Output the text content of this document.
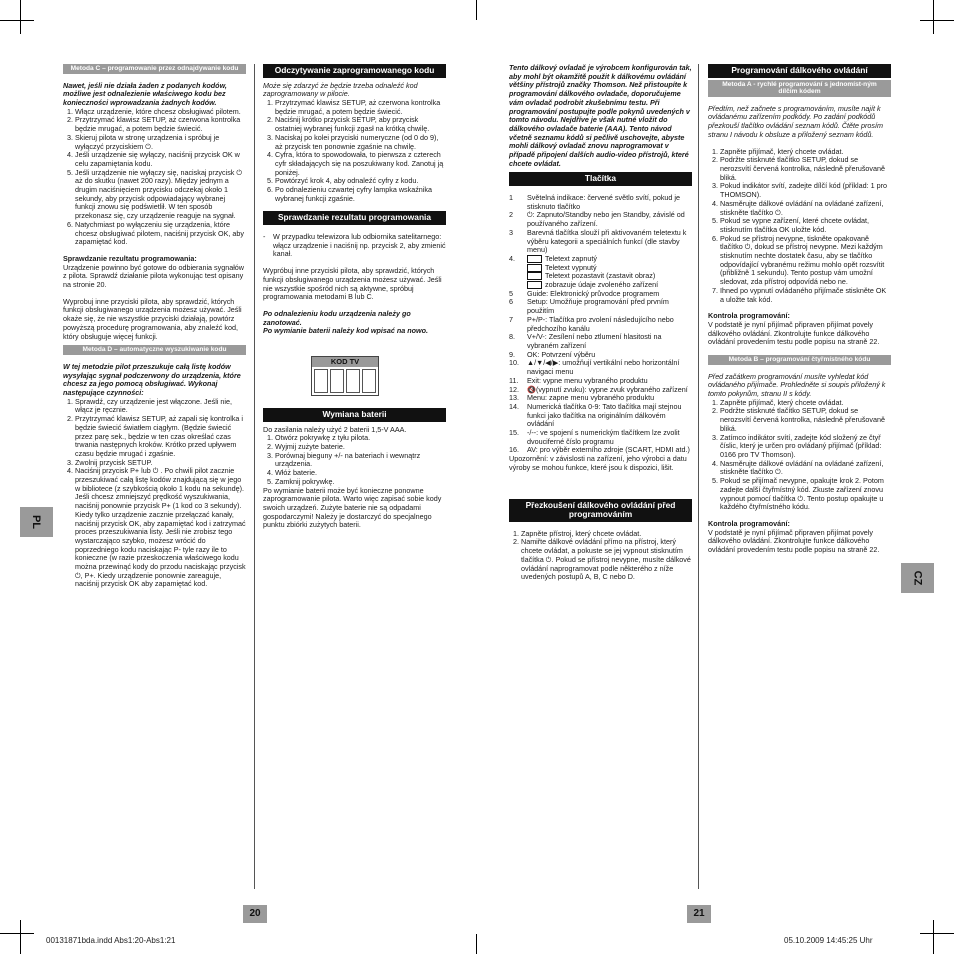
PL
CZ
20	21
00131871bda.indd Abs1:20-Abs1:21	05.10.2009 14:45:25 Uhr
Metoda C – programowanie przez odnajdywanie kodu

Nawet, jeśli nie działa żaden z podanych kodów, możliwe jest odnalezienie właściwego kodu bez konieczności wprowadzania żadnych kodów.

1. Włącz urządzenie, które chcesz obsługiwać pilotem.
2. Przytrzymać klawisz SETUP, aż czerwona kontrolka będzie mrugać, a potem będzie świecić.
3. Skieruj pilota w stronę urządzenia i spróbuj je wyłączyć przyciskiem ⏻.
4. Jeśli urządzenie się wyłączy, naciśnij przycisk OK w celu zapamiętania kodu.
5. Jeśli urządzenie nie wyłączy się, naciskaj przycisk ⏻ aż do skutku (nawet 200 razy). Między jednym a drugim naciśnięciem przycisku odczekaj około 1 sekundy, aby przycisk odpowiadający wybranej funkcji znowu się podświetlił. W ten sposób przekonasz się, czy urządzenie reaguje na sygnał.
6. Natychmiast po wyłączeniu się urządzenia, które chcesz obsługiwać pilotem, naciśnij przycisk OK, aby zapamiętać kod.

Sprawdzanie rezultatu programowania:

Urządzenie powinno być gotowe do odbierania sygnałów z pilota. Sprawdź działanie pilota wykonując test opisany na stronie 20.

Wyprobuj inne przyciski pilota, aby sprawdzić, których funkcji obsługiwanego urządzenia możesz używać. Jeśli okaże się, że nie wszystkie przyciski działają, powtórz powyższą procedurę programowania, aby znaleźć kod, który obsługuje więcej funkcji.

Metoda D – automatyczne wyszukiwanie kodu

W tej metodzie pilot przeszukuje całą listę kodów wysyłając sygnał podczerwony do urządzenia, które chcesz za jego pomocą obsługiwać. Wykonaj następujące czynności:

1. Sprawdź, czy urządzenie jest włączone. Jeśli nie, włącz je ręcznie.
2. Przytrzymać klawisz SETUP, aż zapali się kontrolka i będzie świecić światłem ciągłym. (Będzie świecić przez parę sek., będzie w ten czas określać czas trwania następnych kroków. Krótko przed upływem czasu będzie mrugać i zgaśnie.
3. Zwolnij przycisk SETUP.
4. Naciśnij przycisk P+ lub ⏻ . Po chwili pilot zacznie przeszukiwać całą listę kodów znajdującą się w jego w bibliotece (z szybkością około 1 kodu na sekundę). Jeśli chcesz zmniejszyć prędkość wyszukiwania, naciśnij ponownie przycisk P+ (1 kod co 3 sekundy). Kiedy tylko urządzenie zacznie przełączać kanały, naciśnij przycisk OK, aby zapamiętać kod i zatrzymać proces przeszukiwania listy. Jeśli nie zrobisz tego wystarczająco szybko, możesz wrócić do poprzedniego kodu naciskając P- tyle razy ile to konieczne (w razie przeskoczenia właściwego kodu można przewinąć kody do przodu naciskając przycisk ⏻, P+. Kiedy urządzenie ponownie zareaguje, naciśnij przycisk OK aby zapamiętać kod.
Odczytywanie zaprogramowanego kodu

Może się zdarzyć że będzie trzeba odnaleźć kod zaprogramowany w pilocie.

1. Przytrzymać klawisz SETUP, aż czerwona kontrolka będzie mrugać, a potem będzie świecić.
2. Naciśnij krótko przycisk SETUP, aby przycisk ostatniej wybranej funkcji zgasł na krótką chwilę.
3. Naciskaj po kolei przyciski numeryczne (od 0 do 9), aż przycisk ten ponownie zgaśnie na chwilę.
4. Cyfra, która to spowodowała, to pierwsza z czterech cyfr składających się na poszukiwany kod. Zanotuj ją poniżej.
5. Powtórzyć krok 4, aby odnaleźć cyfry z kodu.
6. Po odnalezieniu czwartej cyfry lampka wskaźnika wybranej funkcji zgaśnie.
Sprawdzanie rezultatu programowania
-	W przypadku telewizora lub odbiornika satelitarnego: włącz urządzenie i naciśnij np. przycisk 2, aby zmienić kanał.

Wypróbuj inne przyciski pilota, aby sprawdzić, których funkcji obsługiwanego urządzenia możesz używać. Jeśli nie wszystkie spośród nich są aktywne, spróbuj programowania metodami B lub C.

Po odnalezieniu kodu urządzenia należy go zanotować.

Po wymianie baterii należy kod wpisać na nowo.

KOD TV
Wymiana baterii

Do zasilania należy użyć 2 baterii 1,5-V AAA.

1. Otwórz pokrywkę z tyłu pilota.
2. Wyjmij zużyte baterie.
3. Porównaj bieguny +/- na bateriach i wewnątrz urządzenia.
4. Włóż baterie.
5. Zamknij pokrywkę.

Po wymianie baterii może być konieczne ponowne zaprogramowanie pilota. Warto więc zapisać sobie kody swoich urządzeń. Zużyte baterie nie są odpadami gospodarczymi! Należy je dostarczyć do specjalnego punktu zbiórki zużytych baterii.

Tento dálkový ovladač je výrobcem konfigurován tak, aby mohl být okamžitě použit k dálkovému ovládání většiny přístrojů značky Thomson. Než přistoupíte k programování dálkového ovladače, doporučujeme vám ovladač podrobit zkušebnímu testu. Při programování postupujte podle pokynů uvedených v tomto návodu. Nejdříve je však nutné vložit do dálkového ovladače baterie (AAA). Tento návod včetně seznamu kódů si pečlivě uschovejte, abyste mohli dálkový ovladač znovu naprogramovat v případě připojení dalších audio-video přístrojů, které chcete ovládat.

Tlačítka
1	Světelná indikace: červené světlo svítí, pokud je stisknuto tlačítko
2	⏻: Zapnuto/Standby nebo jen Standby, závislé od používaného zařízení.
3	Barevná tlačítka slouží při aktivovaném teletextu k výběru kategorii a speciálních funkcí (dle stavby menu)
4.	Teletext zapnutý
Teletext vypnutý
Teletext pozastavit (zastavit obraz)
zobrazuje údaje zvoleného zařízení
5	Guide: Elektronický průvodce programem
6	Setup: Umožňuje programování před prvním použitím
7	P+/P-: Tlačítka pro zvolení následujícího nebo předchozího kanálu
8.	V+/V-: Zesílení nebo ztlumení hlasitosti na vybraném zařízení
9.	OK: Potvrzení výběru
10.	▲/▼/◀/▶: umožňují vertikální nebo horizontální navigaci menu
11.	Exit: vypne menu vybraného produktu
12.	🔇(vypnutí zvuku): vypne zvuk vybraného zařízení
13.	Menu: zapne menu vybraného produktu
14.	Numerická tlačítka 0-9: Tato tlačítka mají stejnou funkci jako tlačítka na originálním dálkovém ovládání
15.	-/--: ve spojení s numerickým tlačítkem lze zvolit dvouciferné číslo programu
16.	AV: pro výběr externího zdroje (SCART, HDMI atd.)

Upozornění: v závislosti na zařízení, jeho výrobci a datu výroby se mohou funkce, které jsou k dispozici, lišit.

Přezkoušení dálkového ovládání před programováním
1. Zapněte přístroj, který chcete ovládat.
2. Namiřte dálkové ovládání přímo na přístroj, který chcete ovládat, a pokuste se jej vypnout stisknutím tlačítka ⏻. Pokud se přístroj nevypne, musíte dálkové ovládání naprogramovat podle některého z níže uvedených postupů A, B, C nebo D.
Programování dálkového ovládání
Metoda A - rychlé programování s jednomíst-ným dílčím kódem

Předtím, než začnete s programováním, musíte najít k ovládanému zařízením podkódy. Po zadání podkódů přezkouší tlačítko ovládání seznam kódů. Čtěte prosím stranu I návodu k obsluze a přiložený seznam kódů.

1. Zapněte přijímač, který chcete ovládat.
2. Podržte stisknuté tlačítko SETUP, dokud se nerozsvítí červená kontrolka, následně přerušovaně bliká.
3. Pokud indikátor svítí, zadejte dílčí kód (příklad: 1 pro THOMSON).
4. Nasměrujte dálkové ovládání na ovládané zařízení, stiskněte tlačítko ⏻.
5. Pokud se vypne zařízení, které chcete ovládat, stisknutím tlačítka OK uložte kód.
6. Pokud se přístroj nevypne, tiskněte opakovaně tlačítko ⏻, dokud se přístroj nevypne. Mezi každým stisknutím nechte dostatek času, aby se tlačítko odpovídající vybranému režimu mohlo opět rozsvítit (přibližně 1 sekundu). Tento postup vám umožní sledovat, zda přístroj odpovídá nebo ne.
7. Ihned po vypnutí ovládaného přijímače stiskněte OK a uložte tak kód.

Kontrola programování:

V podstatě je nyní přijímač připraven přijímat povely dálkového ovládání. Zkontrolujte funkce dálkového ovládání provedením testu podle popisu na straně 22.

Metoda B – programování čtyřmístného kódu

Před začátkem programování musíte vyhledat kód ovládaného přijímače. Prohledněte si soupis přiložený k tomto pokynům, stranu II s kódy.

1. Zapněte přijímač, který chcete ovládat.
2. Podržte stisknuté tlačítko SETUP, dokud se nerozsvítí červená kontrolka, následně přerušovaně bliká.
3. Zatímco indikátor svítí, zadejte kód složený ze čtyř číslic, který je určen pro ovládaný přijímač (příklad: 0166 pro TV Thomson).
4. Nasměrujte dálkové ovládání na ovládané zařízení, stiskněte tlačítko ⏻.
5. Pokud se přijímač nevypne, opakujte krok 2. Potom zadejte další čtyřmístný kód. Zkuste zařízení znovu vypnout pomocí tlačítka ⏻. Tento postup opakujte u každého čtyřmístného kódu.

Kontrola programování:

V podstatě je nyní přijímač připraven přijímat povely dálkového ovládání. Zkontrolujte funkce dálkového ovládání provedením testu podle popisu na straně 22.
